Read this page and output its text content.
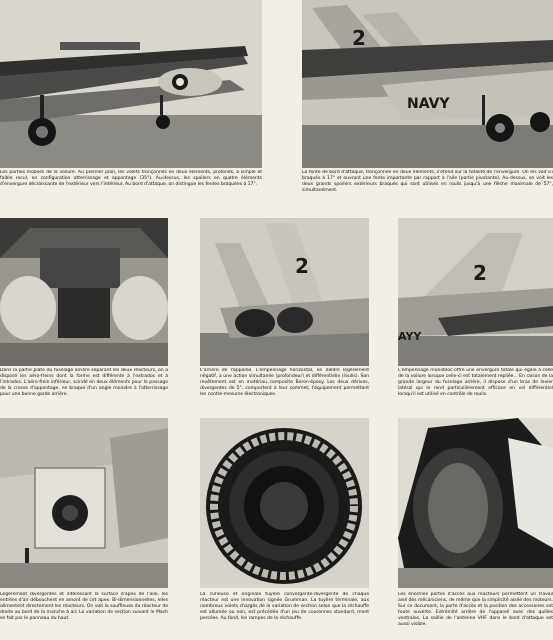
Les parties mobiles de la voilure. Au premier plan, les volets tronçonnés en deux éléments, profonds, à simple et faible recul, en configuration atterrissage et appontage (35°). Au-dessus, les spoilers en quatre éléments d'envergure décroissante de l'extérieur vers l'intérieur. Au bord d'attaque, on distingue les fentes braquées à 17°.
2
NAVY
La fente de bord d'attaque, tronçonnée en deux éléments, s'étend sur la totalité de l'envergure. On les voit ici braqués à 17° et ouvrant une fente importante par rapport à l'aile (partie pivotante). Au-dessus, on voit les deux grands spoilers extérieurs braqués qui sont utilisés en roulis jusqu'à une flèche maximale de 57°, simultanément.
Dans la partie plate du fuselage arrière séparant les deux réacteurs, on a disposé les aéro-freins dont la forme est différente à l'extrados et à l'intrados. L'aéro-frein inférieur, scindé en deux éléments pour le passage de la crosse d'appontage, ne braque d'un angle moindre à l'atterrissage pour une bonne garde arrière.
2
L'arrière de l'appareil. L'empennage horizontal, en dièdre légèrement négatif, a une action simultanée (profondeur) et différentielle (roulis). Son revêtement est en matériau composite Boron-époxy. Les deux dérives, divergentes de 5°, comportent à leur sommet, l'équipement permettant les contre-mesures électroniques.
2
AYY
L'empennage monobloc offre une envergure totale qui égale à celle de la voilure lorsque celle-ci est totalement repliée... En raison de la grande largeur du fuselage arrière, il dispose d'un bras de levier latéral qui le rend particulièrement efficace en vol différentiel lorsqu'il est utilisé en contrôle de roulis.
Légèrement divergentes et intéressant la surface d'apex de l'aile, les entrées d'air débouchent en amont de cet apex. Bi-dimensionnelles, elles alimentent directement les réacteurs. On voit la souffleuse du réacteur de droite au bord de la manche à air. La variation de section suivant le Mach se fait par le panneau du haut.
La curieuse et originale tuyère convergente-divergente de chaque réacteur est une innovation signée Grumman. La tuyère terminale, aux nombreux volets chargés de la variation de section selon que la réchauffe est allumée ou non, est précédée d'un jeu de couronnes standard, ment percées. Au fond, les rampes de la réchauffe.
Les énormes portes d'accès aux réacteurs permettent un travail aisé des mécaniciens, de même que la simplicité aisée des moteurs. Sur ce document, la porte d'accès et la position des accessoires est toute ouverte. Extrémité arrière de l'appareil avec des quilles ventrales. La saillie de l'antenne VHF dans le bord d'attaque est aussi visible.
